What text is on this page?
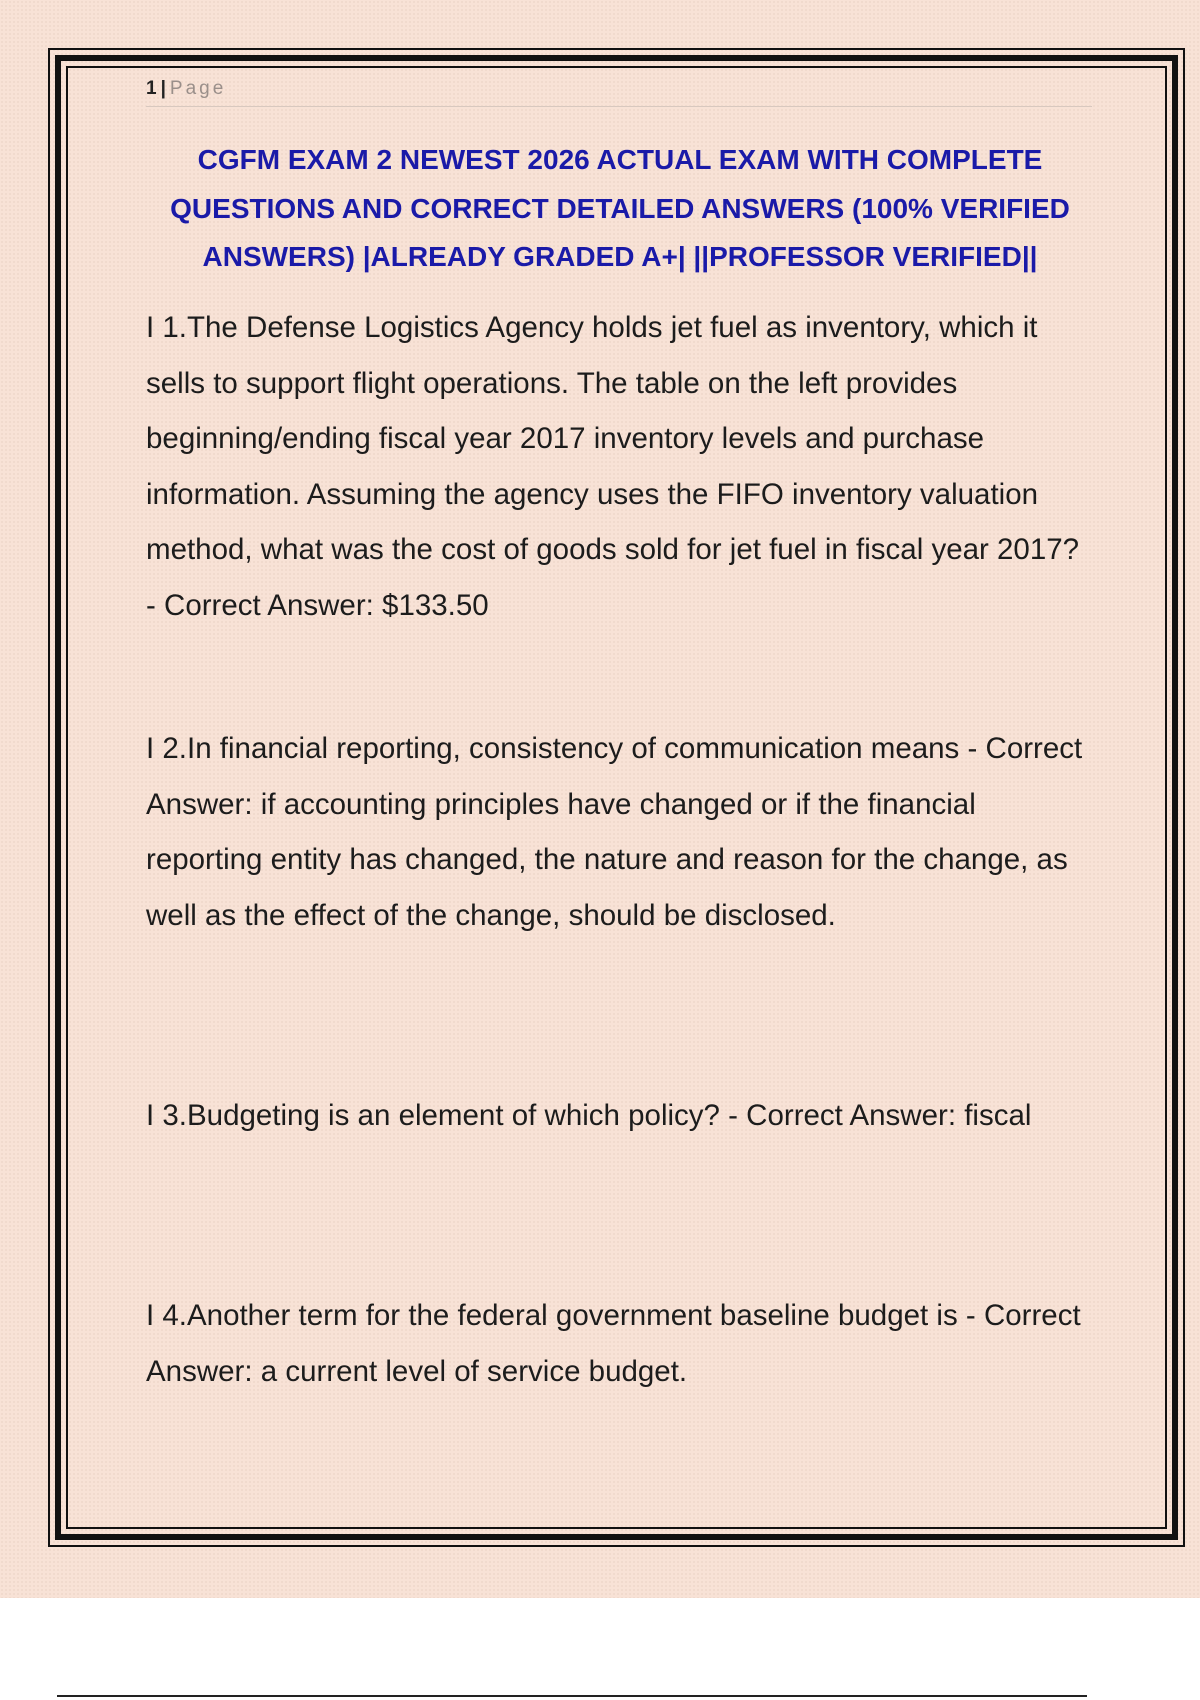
1 | Page
CGFM EXAM 2 NEWEST 2026 ACTUAL EXAM WITH COMPLETE QUESTIONS AND CORRECT DETAILED ANSWERS (100% VERIFIED ANSWERS) |ALREADY GRADED A+| ||PROFESSOR VERIFIED||

I 1.The Defense Logistics Agency holds jet fuel as inventory, which it sells to support flight operations. The table on the left provides beginning/ending fiscal year 2017 inventory levels and purchase information. Assuming the agency uses the FIFO inventory valuation method, what was the cost of goods sold for jet fuel in fiscal year 2017? - Correct Answer: $133.50

I 2.In financial reporting, consistency of communication means - Correct Answer: if accounting principles have changed or if the financial reporting entity has changed, the nature and reason for the change, as well as the effect of the change, should be disclosed.

I 3.Budgeting is an element of which policy? - Correct Answer: fiscal

I 4.Another term for the federal government baseline budget is - Correct Answer: a current level of service budget.
